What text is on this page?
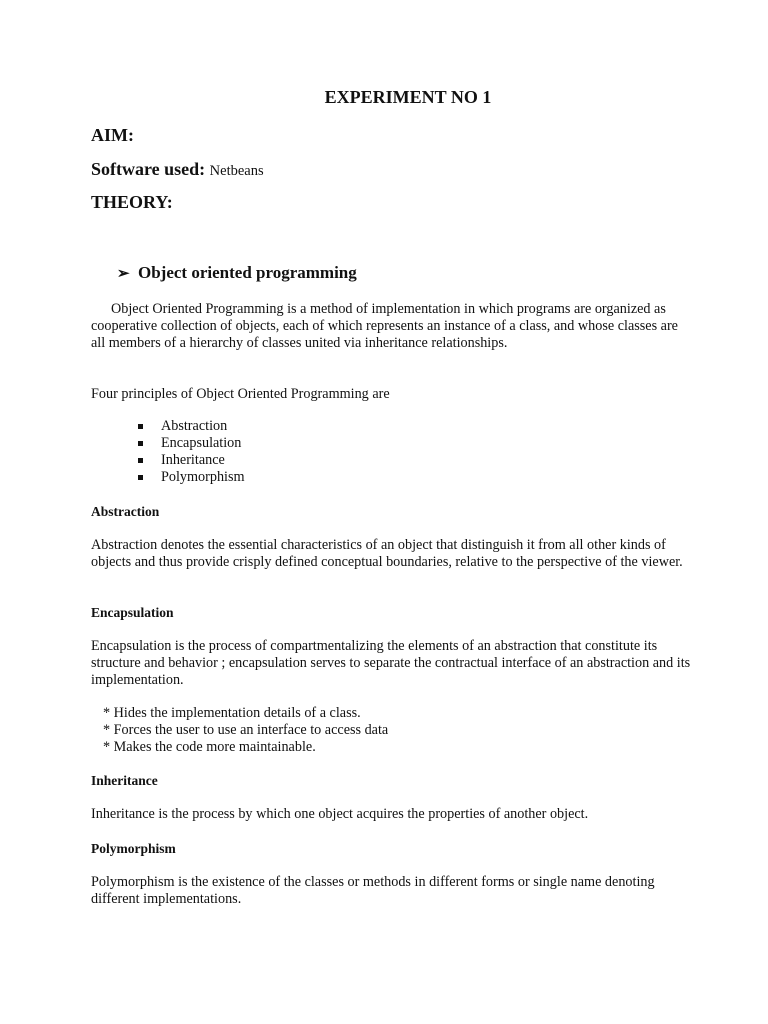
EXPERIMENT NO 1
AIM:
Software used: Netbeans
THEORY:
➢ Object oriented programming

Object Oriented Programming is a method of implementation in which programs are organized as cooperative collection of objects, each of which represents an instance of a class, and whose classes are all members of a hierarchy of classes united via inheritance relationships.

Four principles of Object Oriented Programming are

Abstraction
Encapsulation
Inheritance
Polymorphism
Abstraction

Abstraction denotes the essential characteristics of an object that distinguish it from all other kinds of objects and thus provide crisply defined conceptual boundaries, relative to the perspective of the viewer.

Encapsulation

Encapsulation is the process of compartmentalizing the elements of an abstraction that constitute its structure and behavior ; encapsulation serves to separate the contractual interface of an abstraction and its implementation.

* Hides the implementation details of a class.
* Forces the user to use an interface to access data
* Makes the code more maintainable.
Inheritance

Inheritance is the process by which one object acquires the properties of another object.

Polymorphism

Polymorphism is the existence of the classes or methods in different forms or single name denoting different implementations.
